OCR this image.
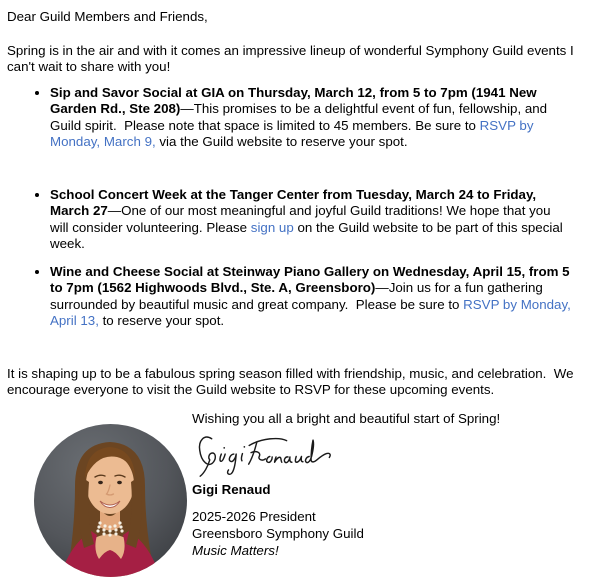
Dear Guild Members and Friends,

Spring is in the air and with it comes an impressive lineup of wonderful Symphony Guild events I can't wait to share with you!

• Sip and Savor Social at GIA on Thursday, March 12, from 5 to 7pm (1941 New Garden Rd., Ste 208)—This promises to be a delightful event of fun, fellowship, and Guild spirit.  Please note that space is limited to 45 members. Be sure to RSVP by Monday, March 9, via the Guild website to reserve your spot.
• School Concert Week at the Tanger Center from Tuesday, March 24 to Friday, March 27—One of our most meaningful and joyful Guild traditions! We hope that you will consider volunteering. Please sign up on the Guild website to be part of this special week.
• Wine and Cheese Social at Steinway Piano Gallery on Wednesday, April 15, from 5 to 7pm (1562 Highwoods Blvd., Ste. A, Greensboro)—Join us for a fun gathering surrounded by beautiful music and great company.  Please be sure to RSVP by Monday, April 13, to reserve your spot.

It is shaping up to be a fabulous spring season filled with friendship, music, and celebration.  We encourage everyone to visit the Guild website to RSVP for these upcoming events.

Wishing you all a bright and beautiful start of Spring!

Gigi Renaud

2025-2026 President

Greensboro Symphony Guild

Music Matters!
